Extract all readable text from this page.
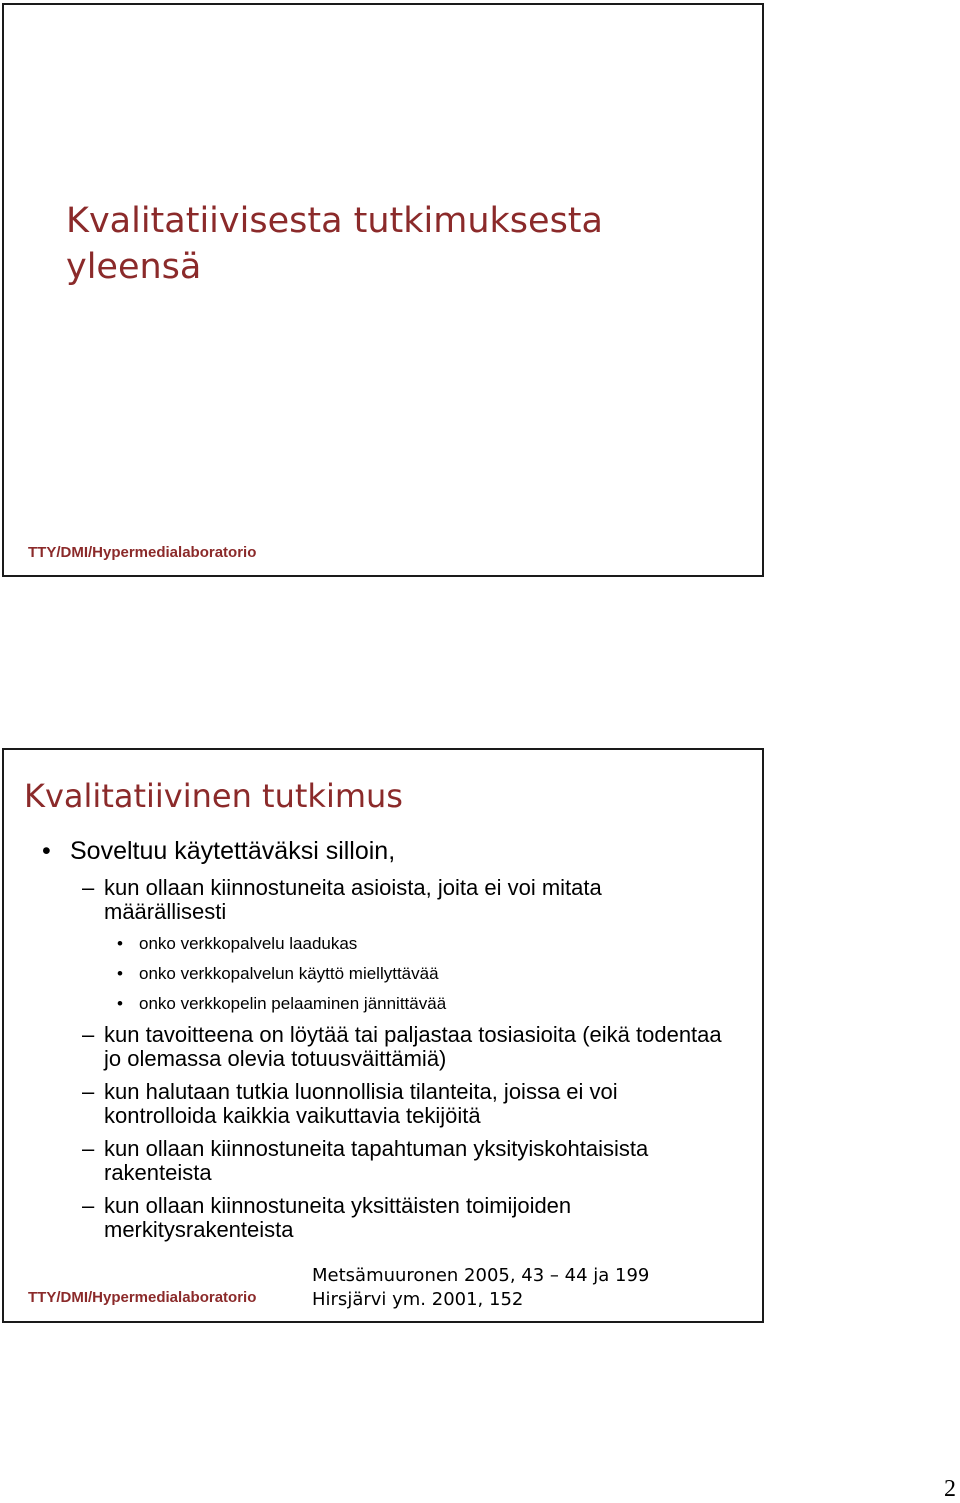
Kvalitatiivisesta tutkimuksesta yleensä
TTY/DMI/Hypermedialaboratorio
Kvalitatiivinen tutkimus
• Soveltuu käytettäväksi silloin,
– kun ollaan kiinnostuneita asioista, joita ei voi mitata määrällisesti
• onko verkkopalvelu laadukas
• onko verkkopalvelun käyttö miellyttävää
• onko verkkopelin pelaaminen jännittävää
– kun tavoitteena on löytää tai paljastaa tosiasioita (eikä todentaa jo olemassa olevia totuusväittämiä)
– kun halutaan tutkia luonnollisia tilanteita, joissa ei voi kontrolloida kaikkia vaikuttavia tekijöitä
– kun ollaan kiinnostuneita tapahtuman yksityiskohtaisista rakenteista
– kun ollaan kiinnostuneita yksittäisten toimijoiden merkitysrakenteista
Metsämuuronen 2005, 43 – 44 ja 199
Hirsjärvi ym. 2001, 152
TTY/DMI/Hypermedialaboratorio
2
